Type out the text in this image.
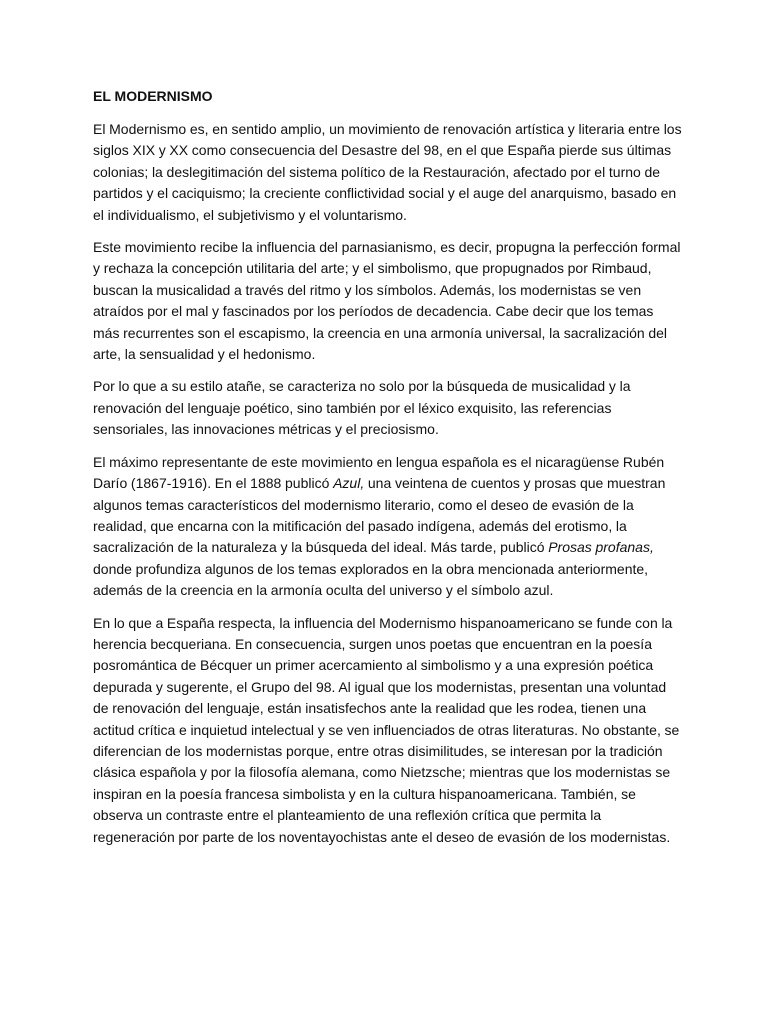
EL MODERNISMO

El Modernismo es, en sentido amplio, un movimiento de renovación artística y literaria entre los siglos XIX y XX como consecuencia del Desastre del 98, en el que España pierde sus últimas colonias; la deslegitimación del sistema político de la Restauración, afectado por el turno de partidos y el caciquismo; la creciente conflictividad social y el auge del anarquismo, basado en el individualismo, el subjetivismo y el voluntarismo.

Este movimiento recibe la influencia del parnasianismo, es decir, propugna la perfección formal y rechaza la concepción utilitaria del arte; y el simbolismo, que propugnados por Rimbaud, buscan la musicalidad a través del ritmo y los símbolos. Además, los modernistas se ven atraídos por el mal y fascinados por los períodos de decadencia. Cabe decir que los temas más recurrentes son el escapismo, la creencia en una armonía universal, la sacralización del arte, la sensualidad y el hedonismo.

Por lo que a su estilo atañe, se caracteriza no solo por la búsqueda de musicalidad y la renovación del lenguaje poético, sino también por el léxico exquisito, las referencias sensoriales, las innovaciones métricas y el preciosismo.

El máximo representante de este movimiento en lengua española es el nicaragüense Rubén Darío (1867-1916). En el 1888 publicó Azul, una veintena de cuentos y prosas que muestran algunos temas característicos del modernismo literario, como el deseo de evasión de la realidad, que encarna con la mitificación del pasado indígena, además del erotismo, la sacralización de la naturaleza y la búsqueda del ideal. Más tarde, publicó Prosas profanas, donde profundiza algunos de los temas explorados en la obra mencionada anteriormente, además de la creencia en la armonía oculta del universo y el símbolo azul.

En lo que a España respecta, la influencia del Modernismo hispanoamericano se funde con la herencia becqueriana. En consecuencia, surgen unos poetas que encuentran en la poesía posromántica de Bécquer un primer acercamiento al simbolismo y a una expresión poética depurada y sugerente, el Grupo del 98. Al igual que los modernistas, presentan una voluntad de renovación del lenguaje, están insatisfechos ante la realidad que les rodea, tienen una actitud crítica e inquietud intelectual y se ven influenciados de otras literaturas. No obstante, se diferencian de los modernistas porque, entre otras disimilitudes, se interesan por la tradición clásica española y por la filosofía alemana, como Nietzsche; mientras que los modernistas se inspiran en la poesía francesa simbolista y en la cultura hispanoamericana. También, se observa un contraste entre el planteamiento de una reflexión crítica que permita la regeneración por parte de los noventayochistas ante el deseo de evasión de los modernistas.
